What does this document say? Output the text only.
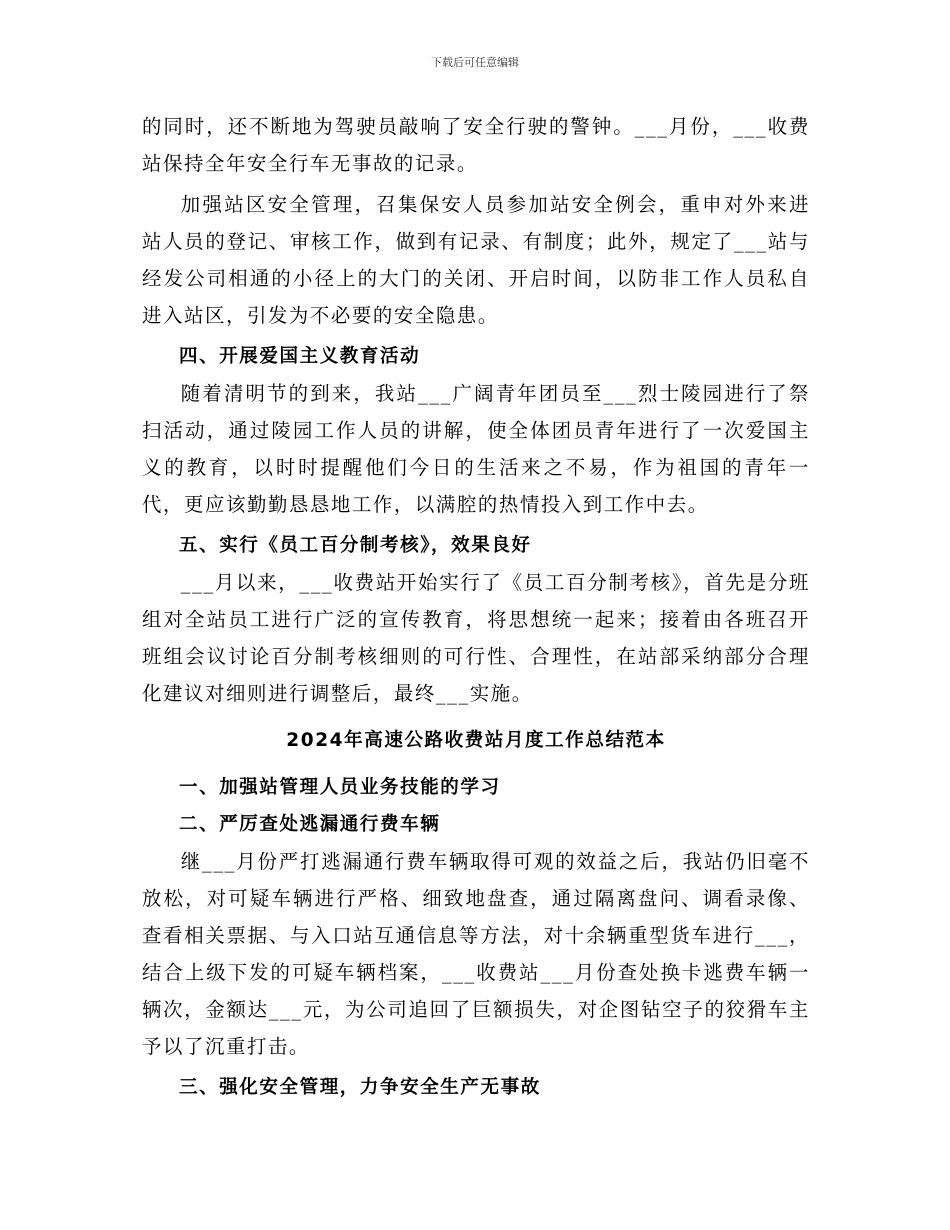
下载后可任意编辑

的同时，还不断地为驾驶员敲响了安全行驶的警钟。___月份，___收费站保持全年安全行车无事故的记录。

加强站区安全管理，召集保安人员参加站安全例会，重申对外来进站人员的登记、审核工作，做到有记录、有制度；此外，规定了___站与经发公司相通的小径上的大门的关闭、开启时间，以防非工作人员私自进入站区，引发为不必要的安全隐患。

四、开展爱国主义教育活动

随着清明节的到来，我站___广阔青年团员至___烈士陵园进行了祭扫活动，通过陵园工作人员的讲解，使全体团员青年进行了一次爱国主义的教育，以时时提醒他们今日的生活来之不易，作为祖国的青年一代，更应该勤勤恳恳地工作，以满腔的热情投入到工作中去。

五、实行《员工百分制考核》，效果良好

___月以来，___收费站开始实行了《员工百分制考核》，首先是分班组对全站员工进行广泛的宣传教育，将思想统一起来；接着由各班召开班组会议讨论百分制考核细则的可行性、合理性，在站部采纳部分合理化建议对细则进行调整后，最终___实施。

2024年高速公路收费站月度工作总结范本

一、加强站管理人员业务技能的学习

二、严厉查处逃漏通行费车辆

继___月份严打逃漏通行费车辆取得可观的效益之后，我站仍旧毫不放松，对可疑车辆进行严格、细致地盘查，通过隔离盘问、调看录像、查看相关票据、与入口站互通信息等方法，对十余辆重型货车进行___，结合上级下发的可疑车辆档案，___收费站___月份查处换卡逃费车辆一辆次，金额达___元，为公司追回了巨额损失，对企图钻空子的狡猾车主予以了沉重打击。

三、强化安全管理，力争安全生产无事故
